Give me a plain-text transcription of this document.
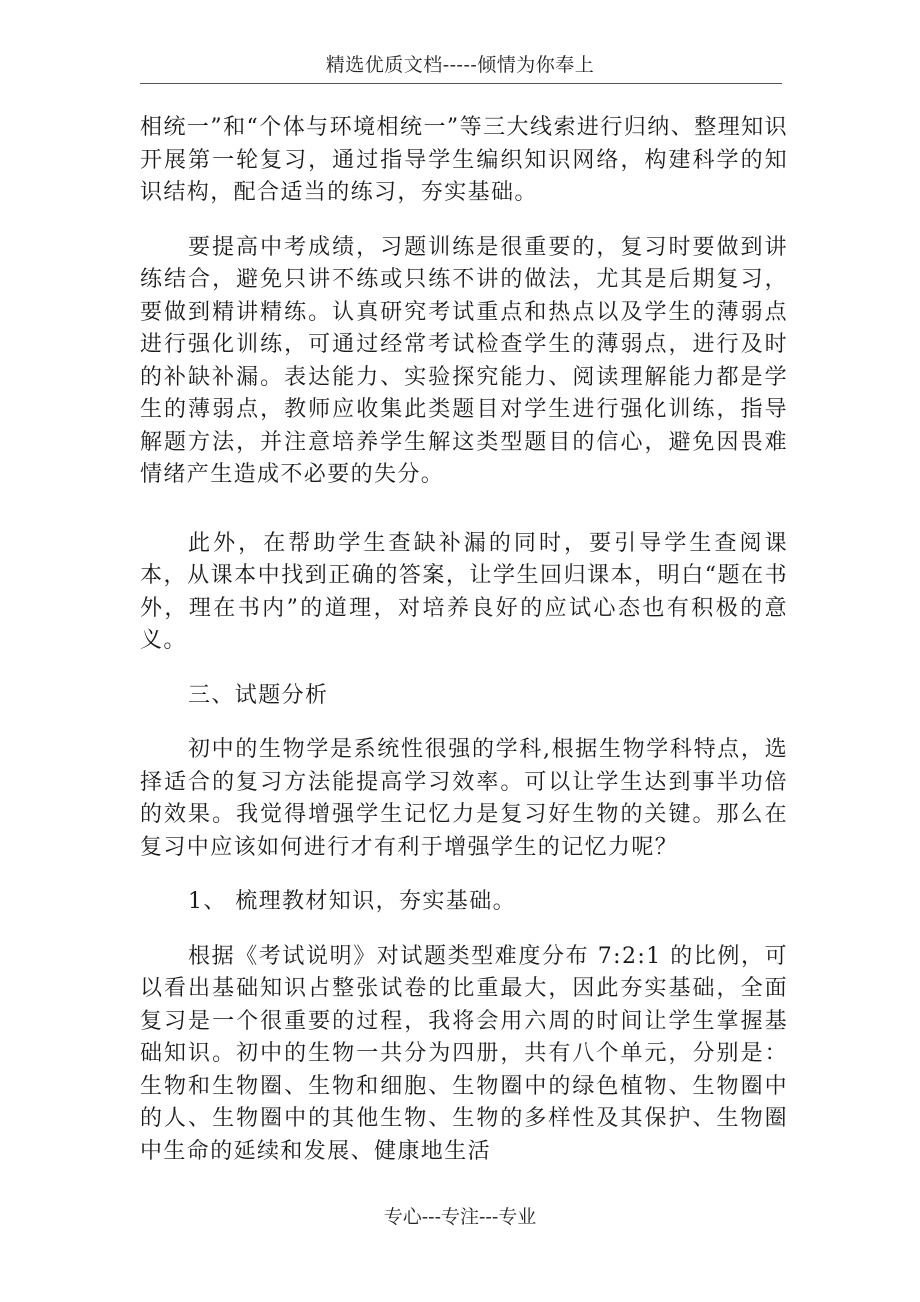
精选优质文档-----倾情为你奉上

相统一”和“个体与环境相统一”等三大线索进行归纳、整理知识开展第一轮复习，通过指导学生编织知识网络，构建科学的知识结构，配合适当的练习，夯实基础。

要提高中考成绩，习题训练是很重要的，复习时要做到讲练结合，避免只讲不练或只练不讲的做法，尤其是后期复习，要做到精讲精练。认真研究考试重点和热点以及学生的薄弱点进行强化训练，可通过经常考试检查学生的薄弱点，进行及时的补缺补漏。表达能力、实验探究能力、阅读理解能力都是学生的薄弱点，教师应收集此类题目对学生进行强化训练，指导解题方法，并注意培养学生解这类型题目的信心，避免因畏难情绪产生造成不必要的失分。

此外，在帮助学生查缺补漏的同时，要引导学生查阅课本，从课本中找到正确的答案，让学生回归课本，明白“题在书外，理在书内”的道理，对培养良好的应试心态也有积极的意义。

三、试题分析

初中的生物学是系统性很强的学科,根据生物学科特点，选择适合的复习方法能提高学习效率。可以让学生达到事半功倍的效果。我觉得增强学生记忆力是复习好生物的关键。那么在复习中应该如何进行才有利于增强学生的记忆力呢？

1、 梳理教材知识，夯实基础。

根据《考试说明》对试题类型难度分布 7:2:1 的比例，可以看出基础知识占整张试卷的比重最大，因此夯实基础，全面复习是一个很重要的过程，我将会用六周的时间让学生掌握基础知识。初中的生物一共分为四册，共有八个单元，分别是：生物和生物圈、生物和细胞、生物圈中的绿色植物、生物圈中的人、生物圈中的其他生物、生物的多样性及其保护、生物圈中生命的延续和发展、健康地生活

专心---专注---专业
